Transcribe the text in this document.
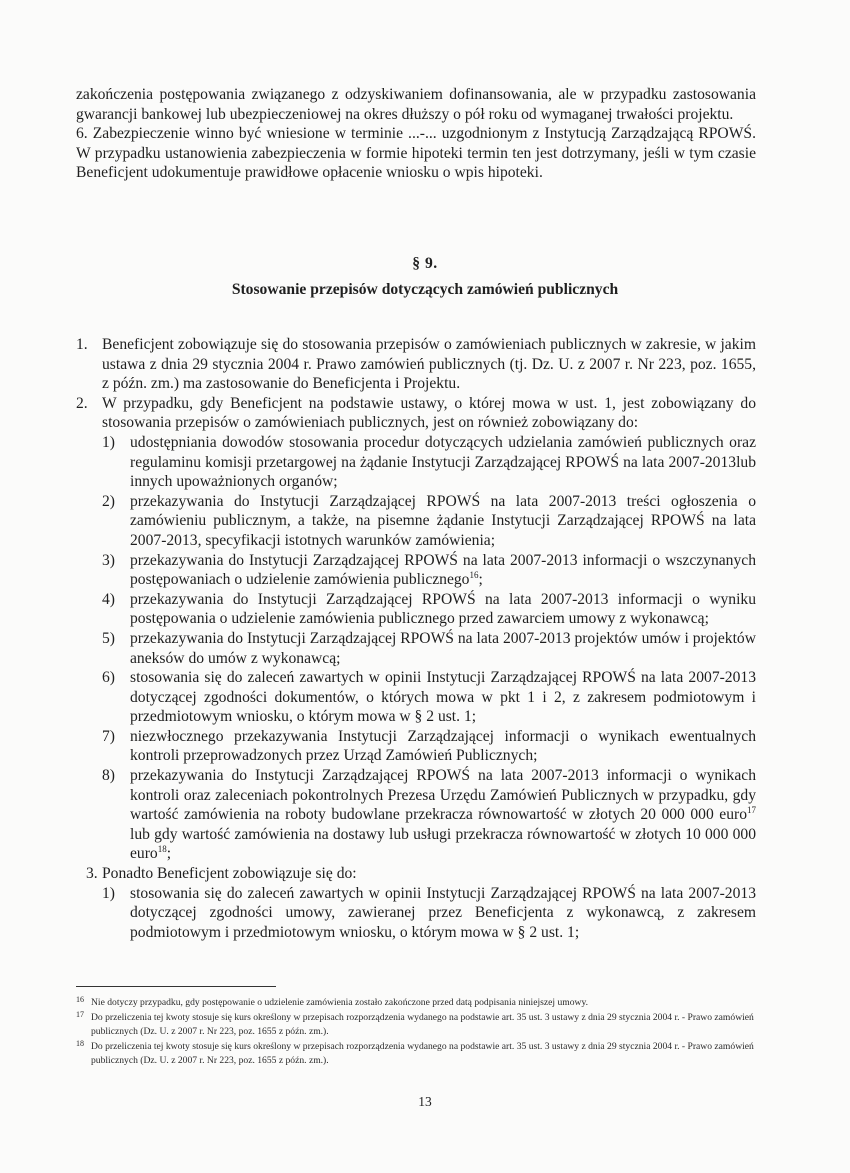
zakończenia postępowania związanego z odzyskiwaniem dofinansowania, ale w przypadku zastosowania gwarancji bankowej lub ubezpieczeniowej na okres dłuższy o pół roku od wymaganej trwałości projektu.

6. Zabezpieczenie winno być wniesione w terminie ...-... uzgodnionym z Instytucją Zarządzającą RPOWŚ. W przypadku ustanowienia zabezpieczenia w formie hipoteki termin ten jest dotrzymany, jeśli w tym czasie Beneficjent udokumentuje prawidłowe opłacenie wniosku o wpis hipoteki.

§ 9.
Stosowanie przepisów dotyczących zamówień publicznych
1. Beneficjent zobowiązuje się do stosowania przepisów o zamówieniach publicznych w zakresie, w jakim ustawa z dnia 29 stycznia 2004 r. Prawo zamówień publicznych (tj. Dz. U. z 2007 r. Nr 223, poz. 1655, z późn. zm.) ma zastosowanie do Beneficjenta i Projektu.
2. W przypadku, gdy Beneficjent na podstawie ustawy, o której mowa w ust. 1, jest zobowiązany do stosowania przepisów o zamówieniach publicznych, jest on również zobowiązany do:
1) udostępniania dowodów stosowania procedur dotyczących udzielania zamówień publicznych oraz regulaminu komisji przetargowej na żądanie Instytucji Zarządzającej RPOWŚ na lata 2007-2013lub innych upoważnionych organów;
2) przekazywania do Instytucji Zarządzającej RPOWŚ na lata 2007-2013 treści ogłoszenia o zamówieniu publicznym, a także, na pisemne żądanie Instytucji Zarządzającej RPOWŚ na lata 2007-2013, specyfikacji istotnych warunków zamówienia;
3) przekazywania do Instytucji Zarządzającej RPOWŚ na lata 2007-2013 informacji o wszczynanych postępowaniach o udzielenie zamówienia publicznego$^{16}$;
4) przekazywania do Instytucji Zarządzającej RPOWŚ na lata 2007-2013 informacji o wyniku postępowania o udzielenie zamówienia publicznego przed zawarciem umowy z wykonawcą;
5) przekazywania do Instytucji Zarządzającej RPOWŚ na lata 2007-2013 projektów umów i projektów aneksów do umów z wykonawcą;
6) stosowania się do zaleceń zawartych w opinii Instytucji Zarządzającej RPOWŚ na lata 2007-2013 dotyczącej zgodności dokumentów, o których mowa w pkt 1 i 2, z zakresem podmiotowym i przedmiotowym wniosku, o którym mowa w § 2 ust. 1;
7) niezwłocznego przekazywania Instytucji Zarządzającej informacji o wynikach ewentualnych kontroli przeprowadzonych przez Urząd Zamówień Publicznych;
8) przekazywania do Instytucji Zarządzającej RPOWŚ na lata 2007-2013 informacji o wynikach kontroli oraz zaleceniach pokontrolnych Prezesa Urzędu Zamówień Publicznych w przypadku, gdy wartość zamówienia na roboty budowlane przekracza równowartość w złotych 20 000 000 euro$^{17}$ lub gdy wartość zamówienia na dostawy lub usługi przekracza równowartość w złotych 10 000 000 euro$^{18}$;
3. Ponadto Beneficjent zobowiązuje się do:
1) stosowania się do zaleceń zawartych w opinii Instytucji Zarządzającej RPOWŚ na lata 2007-2013 dotyczącej zgodności umowy, zawieranej przez Beneficjenta z wykonawcą, z zakresem podmiotowym i przedmiotowym wniosku, o którym mowa w § 2 ust. 1;

16 Nie dotyczy przypadku, gdy postępowanie o udzielenie zamówienia zostało zakończone przed datą podpisania niniejszej umowy.

17 Do przeliczenia tej kwoty stosuje się kurs określony w przepisach rozporządzenia wydanego na podstawie art. 35 ust. 3 ustawy z dnia 29 stycznia 2004 r. - Prawo zamówień publicznych (Dz. U. z 2007 r. Nr 223, poz. 1655 z późn. zm.).

18 Do przeliczenia tej kwoty stosuje się kurs określony w przepisach rozporządzenia wydanego na podstawie art. 35 ust. 3 ustawy z dnia 29 stycznia 2004 r. - Prawo zamówień publicznych (Dz. U. z 2007 r. Nr 223, poz. 1655 z późn. zm.).

13
